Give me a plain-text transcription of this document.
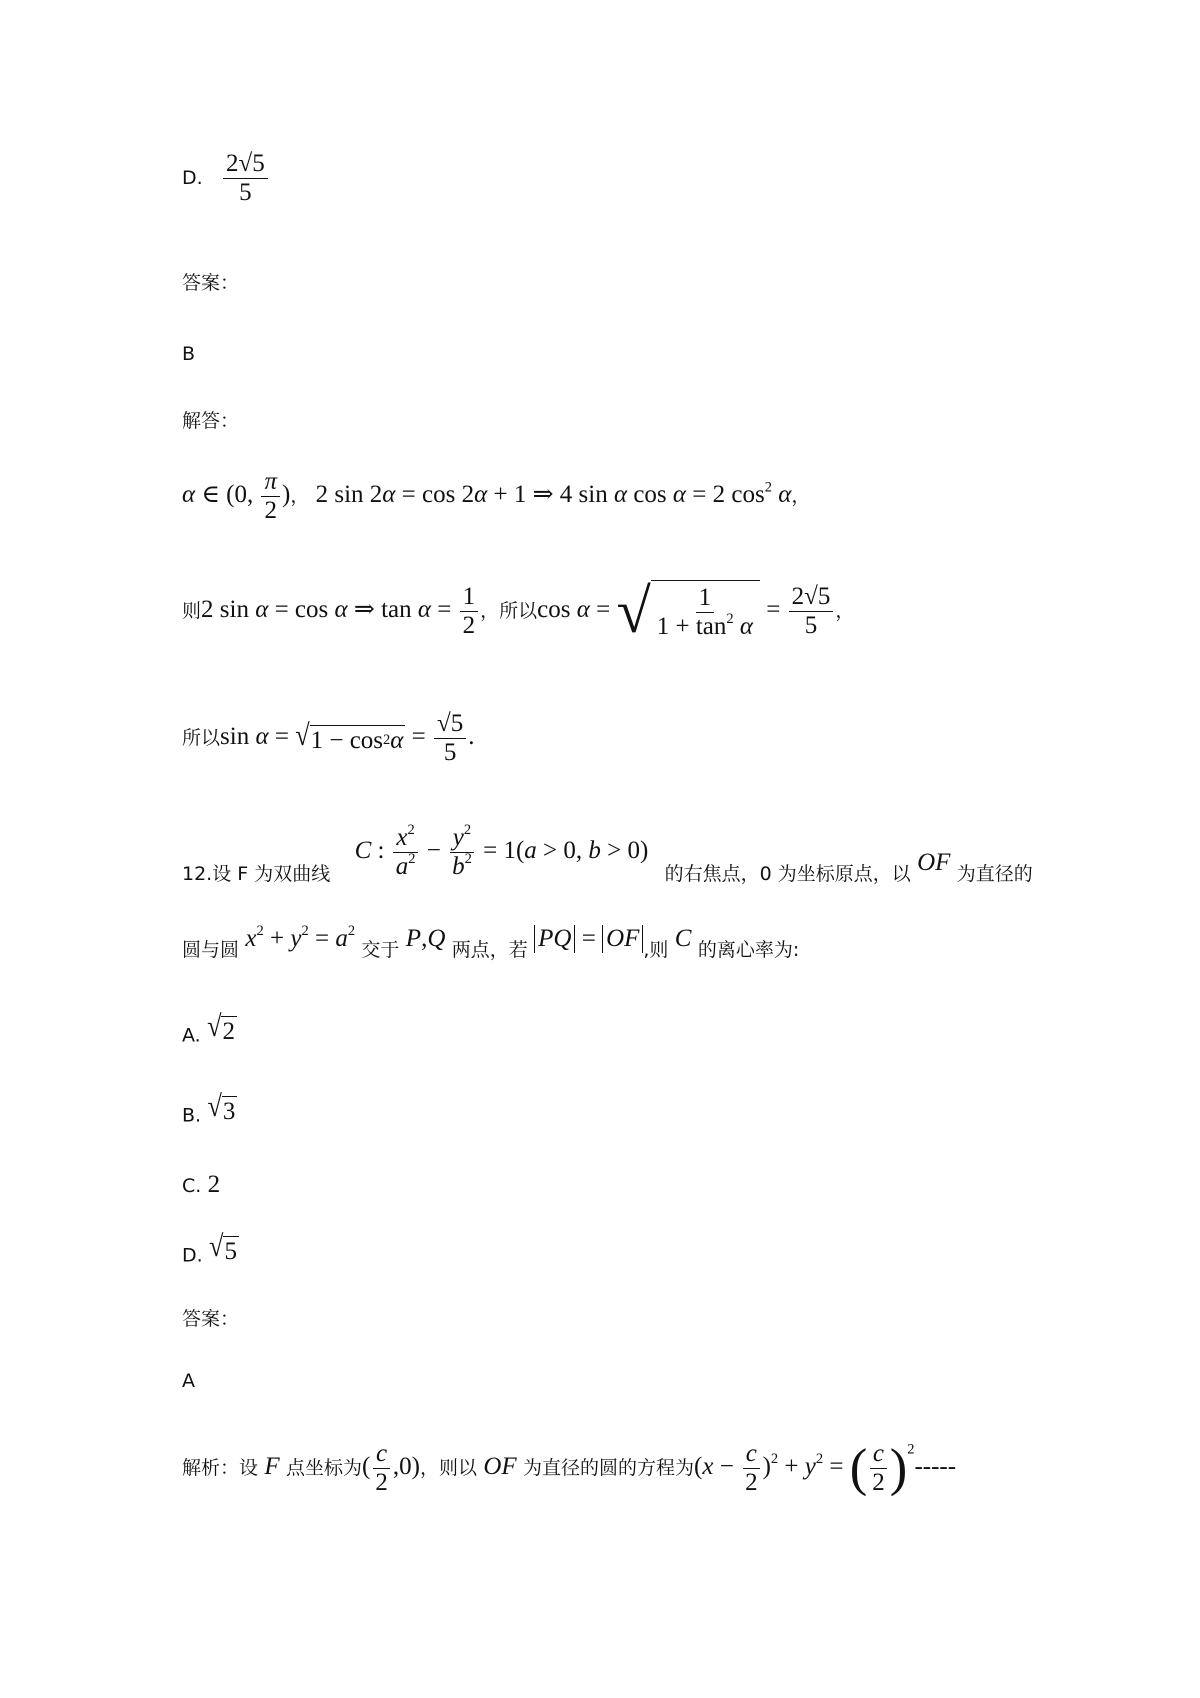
D. $\frac{2√5}{5}$
答案：
B
解答：
α ∈ (0, $\frac{\pi}{2}$ )， 2 sin 2α = cos 2α + 1 ⇒ 4 sin α cos α = 2 $\cos^2 \alpha$，
则2 sin α = cos α ⇒ $\tan \alpha = \frac{1}{2}$ ，所以cos α = √ $\frac{1}{1 + \tan^2 \alpha} = \frac{2√5}{5}$ ，
所以sin α = √ 1 − cos 2 $\alpha = \frac{√5}{5}$ .
12.设 F 为双曲线 C : $\frac{x^2}{a^2} - \frac{y^2}{b^2} = 1(a > 0$, b > 0) 的右焦点，0 为坐标原点，以 OF 为直径的
圆与圆 $x^2 + y^2 = a^2$ 交于 P,Q 两点，若 PQ = OF ,则 C 的离心率为:
A. √ 2
B. √ 3
C. 2
D. √ 5
答案：
A
解析：设 F 点坐标为( $\frac{c}{2} ,0$)，则以 OF 为直径的圆的方程为$(x - \frac{c}{2} )^2 + y^2$ = ( $\frac{c}{2} )^2-----$
